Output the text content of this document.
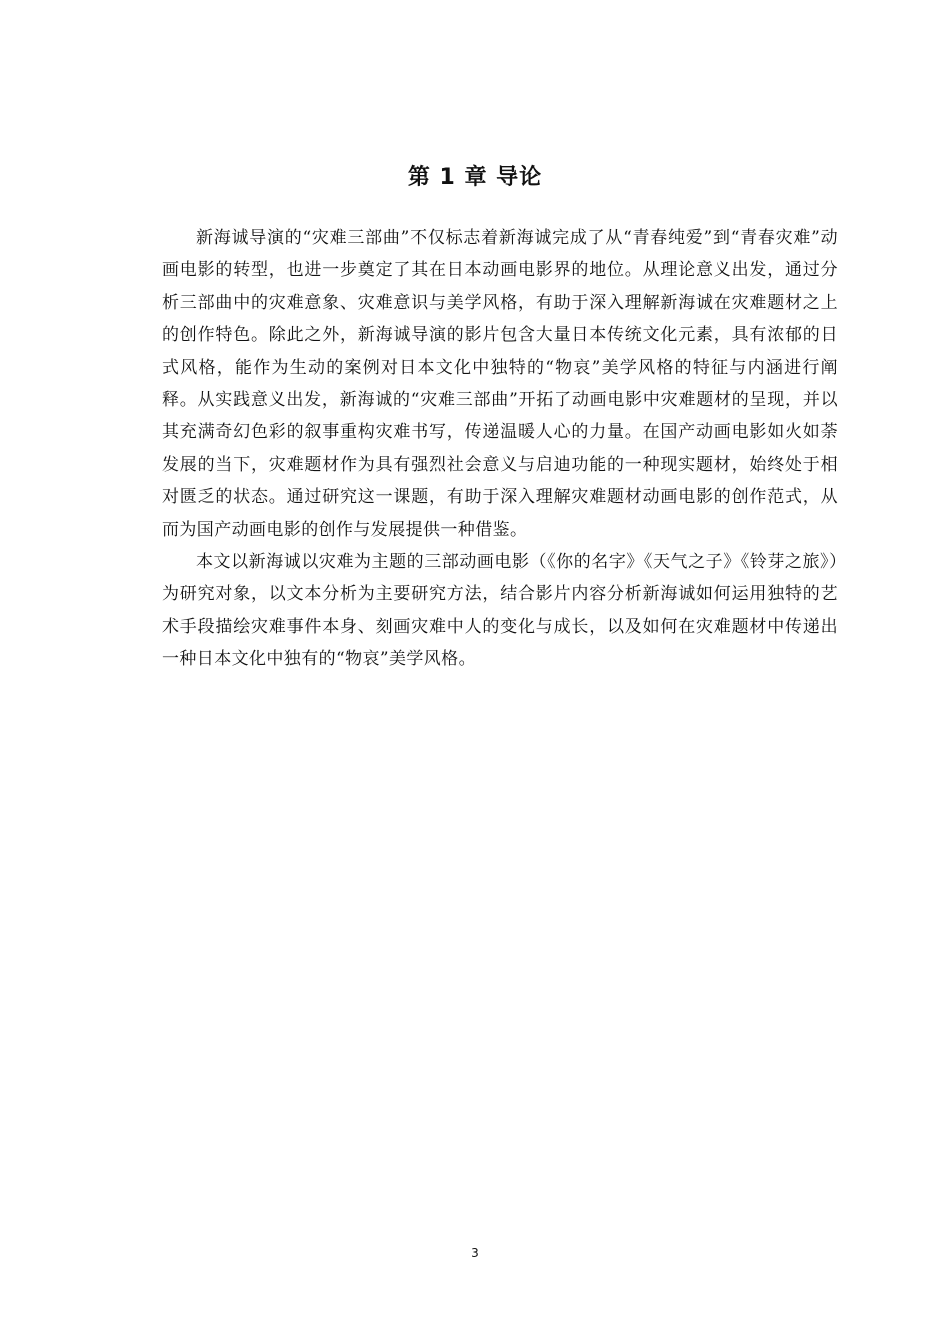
第 1 章 导论

新海诚导演的“灾难三部曲”不仅标志着新海诚完成了从“青春纯爱”到“青春灾难”动画电影的转型，也进一步奠定了其在日本动画电影界的地位。从理论意义出发，通过分析三部曲中的灾难意象、灾难意识与美学风格，有助于深入理解新海诚在灾难题材之上的创作特色。除此之外，新海诚导演的影片包含大量日本传统文化元素，具有浓郁的日式风格，能作为生动的案例对日本文化中独特的“物哀”美学风格的特征与内涵进行阐释。从实践意义出发，新海诚的“灾难三部曲”开拓了动画电影中灾难题材的呈现，并以其充满奇幻色彩的叙事重构灾难书写，传递温暖人心的力量。在国产动画电影如火如荼发展的当下，灾难题材作为具有强烈社会意义与启迪功能的一种现实题材，始终处于相对匮乏的状态。通过研究这一课题，有助于深入理解灾难题材动画电影的创作范式，从而为国产动画电影的创作与发展提供一种借鉴。

本文以新海诚以灾难为主题的三部动画电影（《你的名字》《天气之子》《铃芽之旅》）为研究对象，以文本分析为主要研究方法，结合影片内容分析新海诚如何运用独特的艺术手段描绘灾难事件本身、刻画灾难中人的变化与成长，以及如何在灾难题材中传递出一种日本文化中独有的“物哀”美学风格。

3
